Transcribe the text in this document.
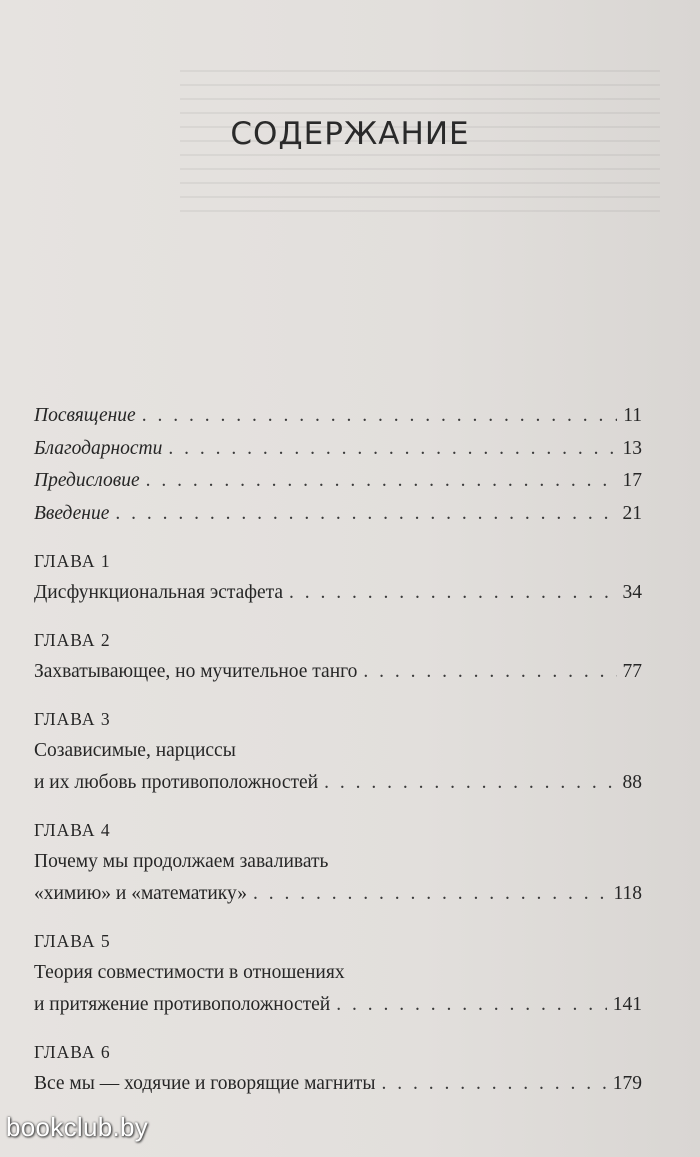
СОДЕРЖАНИЕ
Посвящение . . .	11
Благодарности . . .	13
Предисловие . . .	17
Введение . . .	21
ГЛАВА 1
Дисфункциональная эстафета . . .	34
ГЛАВА 2
Захватывающее, но мучительное танго . . .	77
ГЛАВА 3
Созависимые, нарциссы
и их любовь противоположностей . . .	88
ГЛАВА 4
Почему мы продолжаем заваливать
«химию» и «математику» . . .	118
ГЛАВА 5
Теория совместимости в отношениях
и притяжение противоположностей . . .	141
ГЛАВА 6
Все мы — ходячие и говорящие магниты . . .	179
bookclub.by
